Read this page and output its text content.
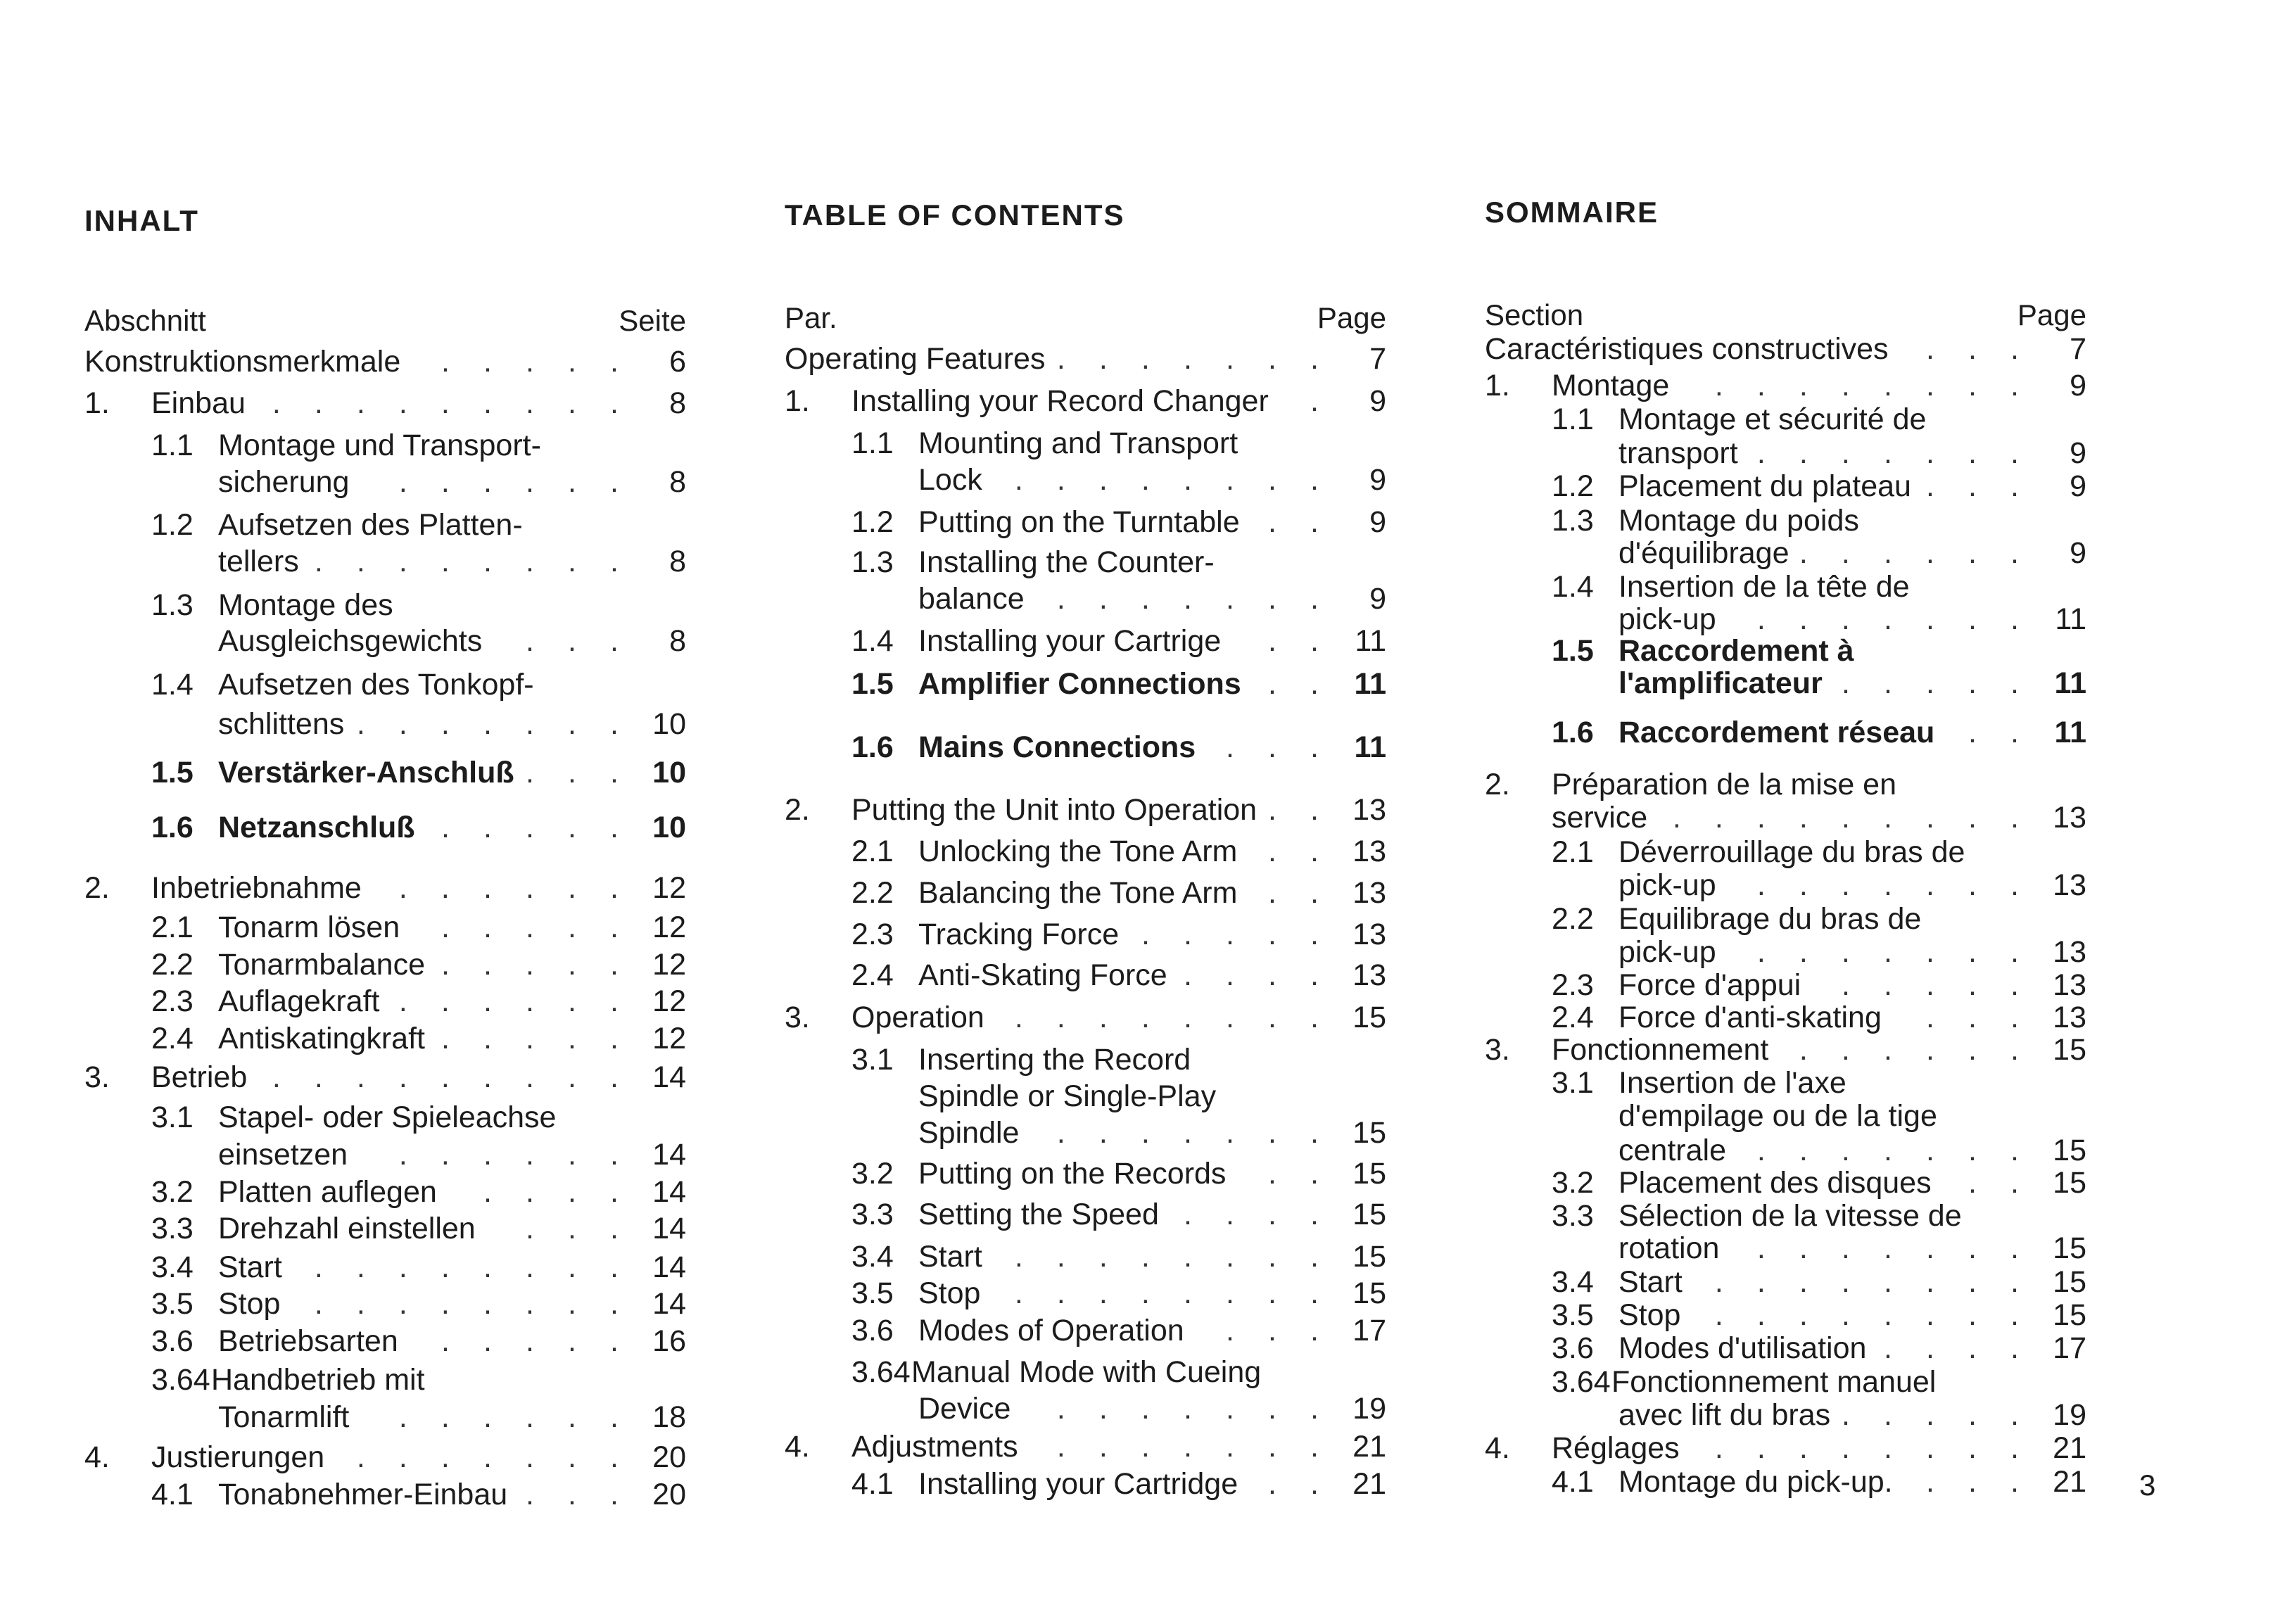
INHALT
Abschnitt	Seite
Konstruktionsmerkmale . . . . . 6
1. Einbau . . . . . . . . . 8
1.1 Montage und Transport-
sicherung . . . . . . 8
1.2 Aufsetzen des Platten-
tellers . . . . . . . . 8
1.3 Montage des
Ausgleichsgewichts . . . 8
1.4 Aufsetzen des Tonkopf-
schlittens . . . . . . . 10
1.5 Verstärker-Anschluß . . . 10
1.6 Netzanschluß . . . . . 10
2. Inbetriebnahme . . . . . . 12
2.1 Tonarm lösen . . . . . 12
2.2 Tonarmbalance . . . . . 12
2.3 Auflagekraft . . . . . . 12
2.4 Antiskatingkraft . . . . . 12
3. Betrieb . . . . . . . . . 14
3.1 Stapel- oder Spieleachse
einsetzen . . . . . . 14
3.2 Platten auflegen . . . . 14
3.3 Drehzahl einstellen . . . 14
3.4 Start . . . . . . . . 14
3.5 Stop . . . . . . . . 14
3.6 Betriebsarten . . . . . 16
3.64 Handbetrieb mit
Tonarmlift . . . . . . 18
4. Justierungen . . . . . . . 20
4.1 Tonabnehmer-Einbau . . . 20
TABLE OF CONTENTS
Par.	Page
Operating Features . . . . . . . 7
1. Installing your Record Changer . 9
1.1 Mounting and Transport
Lock . . . . . . . . 9
1.2 Putting on the Turntable . . 9
1.3 Installing the Counter-
balance . . . . . . . 9
1.4 Installing your Cartrige . . 11
1.5 Amplifier Connections . . 11
1.6 Mains Connections . . . 11
2. Putting the Unit into Operation . . 13
2.1 Unlocking the Tone Arm . . 13
2.2 Balancing the Tone Arm . . 13
2.3 Tracking Force . . . . . 13
2.4 Anti-Skating Force . . . . 13
3. Operation . . . . . . . . 15
3.1 Inserting the Record
Spindle or Single-Play
Spindle . . . . . . . 15
3.2 Putting on the Records . . 15
3.3 Setting the Speed . . . . 15
3.4 Start . . . . . . . . 15
3.5 Stop . . . . . . . . 15
3.6 Modes of Operation . . . 17
3.64 Manual Mode with Cueing
Device . . . . . . . 19
4. Adjustments . . . . . . . 21
4.1 Installing your Cartridge . . 21
SOMMAIRE
Section	Page
Caractéristiques constructives . . . 7
1. Montage . . . . . . . . 9
1.1 Montage et sécurité de
transport . . . . . . . 9
1.2 Placement du plateau . . . 9
1.3 Montage du poids
d'équilibrage . . . . . . 9
1.4 Insertion de la tête de
pick-up . . . . . . . 11
1.5 Raccordement à
l'amplificateur . . . . . 11
1.6 Raccordement réseau . . 11
2. Préparation de la mise en
service . . . . . . . . . 13
2.1 Déverrouillage du bras de
pick-up . . . . . . . 13
2.2 Equilibrage du bras de
pick-up . . . . . . . 13
2.3 Force d'appui . . . . . 13
2.4 Force d'anti-skating . . . 13
3. Fonctionnement . . . . . . 15
3.1 Insertion de l'axe
d'empilage ou de la tige
centrale . . . . . . . 15
3.2 Placement des disques . . 15
3.3 Sélection de la vitesse de
rotation . . . . . . . 15
3.4 Start . . . . . . . . 15
3.5 Stop . . . . . . . . 15
3.6 Modes d'utilisation . . . . 17
3.64 Fonctionnement manuel
avec lift du bras . . . . . 19
4. Réglages . . . . . . . . 21
4.1 Montage du pick-up. . . . 21 3
